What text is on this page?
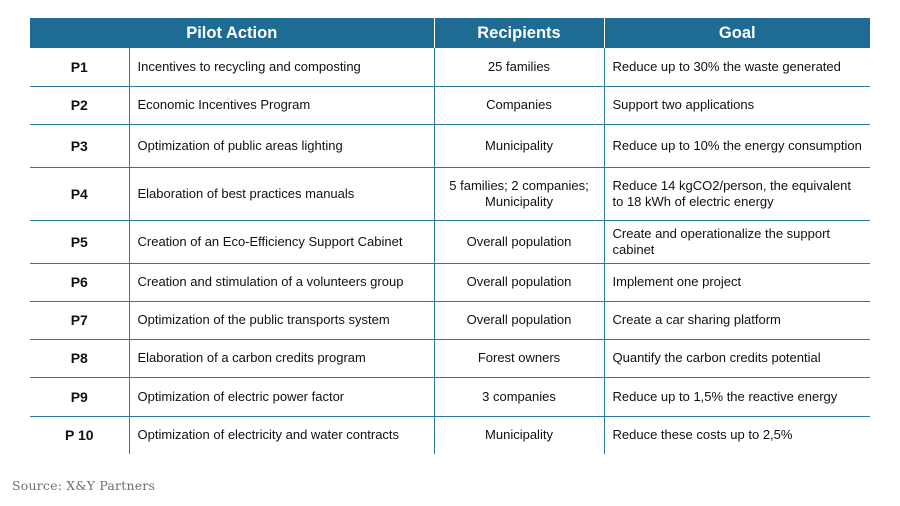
Pilot Action		Recipients	Goal
P1	Incentives to recycling and composting	25 families	Reduce up to 30% the waste generated
P2	Economic Incentives Program	Companies	Support two applications
P3	Optimization of public areas lighting	Municipality	Reduce up to 10% the energy consumption
P4	Elaboration of best practices manuals	5 families; 2 companies; Municipality	Reduce 14 kgCO2/person, the equivalent to 18 kWh of electric energy
P5	Creation of an Eco-Efficiency Support Cabinet	Overall population	Create and operationalize the support cabinet
P6	Creation and stimulation of a volunteers group	Overall population	Implement one project
P7	Optimization of the public transports system	Overall population	Create a car sharing platform
P8	Elaboration of a carbon credits program	Forest owners	Quantify the carbon credits potential
P9	Optimization of electric power factor	3 companies	Reduce up to 1,5% the reactive energy
P 10	Optimization of electricity and water contracts	Municipality	Reduce these costs up to 2,5%
Source: X&Y Partners
